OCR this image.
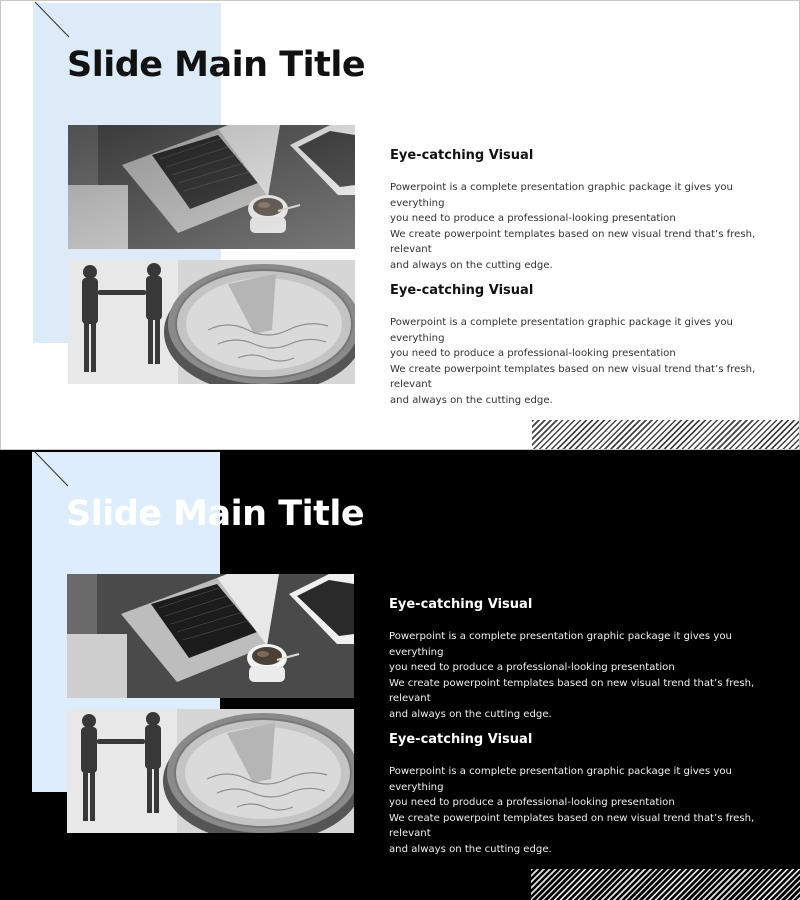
Slide Main Title

Eye-catching Visual

Powerpoint is a complete presentation graphic package it gives you everything
you need to produce a professional-looking presentation
We create powerpoint templates based on new visual trend that’s fresh, relevant
and always on the cutting edge.

Eye-catching Visual

Powerpoint is a complete presentation graphic package it gives you everything
you need to produce a professional-looking presentation
We create powerpoint templates based on new visual trend that’s fresh, relevant
and always on the cutting edge.

Slide Main Title

Eye-catching Visual

Powerpoint is a complete presentation graphic package it gives you everything
you need to produce a professional-looking presentation
We create powerpoint templates based on new visual trend that’s fresh, relevant
and always on the cutting edge.

Eye-catching Visual

Powerpoint is a complete presentation graphic package it gives you everything
you need to produce a professional-looking presentation
We create powerpoint templates based on new visual trend that’s fresh, relevant
and always on the cutting edge.
